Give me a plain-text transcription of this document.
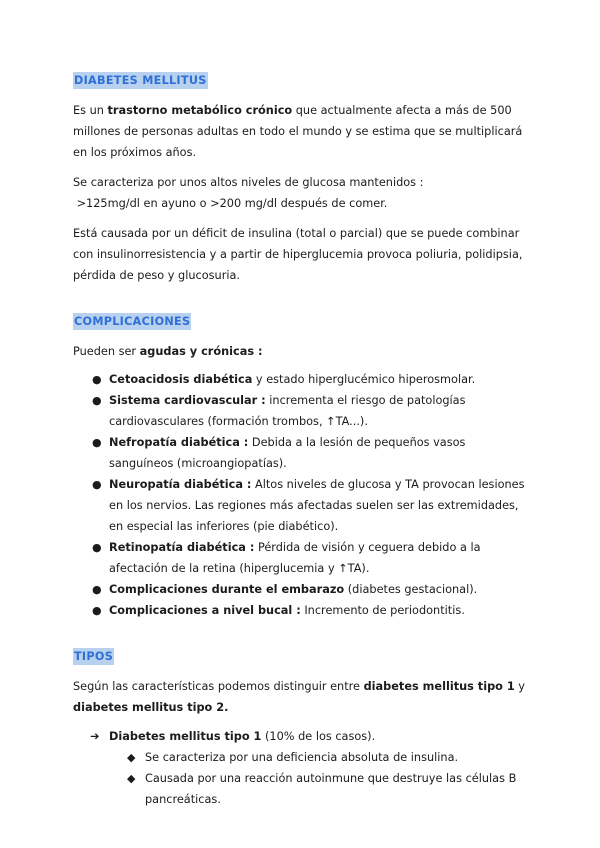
DIABETES MELLITUS

Es un trastorno metabólico crónico que actualmente afecta a más de 500 millones de personas adultas en todo el mundo y se estima que se multiplicará en los próximos años.

Se caracteriza por unos altos niveles de glucosa mantenidos :
>125mg/dl en ayuno o >200 mg/dl después de comer.

Está causada por un déficit de insulina (total o parcial) que se puede combinar con insulinorresistencia y a partir de hiperglucemia provoca poliuria, polidipsia, pérdida de peso y glucosuria.

COMPLICACIONES

Pueden ser agudas y crónicas :

● Cetoacidosis diabética y estado hiperglucémico hiperosmolar.
● Sistema cardiovascular : incrementa el riesgo de patologías cardiovasculares (formación trombos, ↑TA...).
● Nefropatía diabética : Debida a la lesión de pequeños vasos sanguíneos (microangiopatías).
● Neuropatía diabética : Altos niveles de glucosa y TA provocan lesiones en los nervios. Las regiones más afectadas suelen ser las extremidades, en especial las inferiores (pie diabético).
● Retinopatía diabética : Pérdida de visión y ceguera debido a la afectación de la retina (hiperglucemia y ↑TA).
● Complicaciones durante el embarazo (diabetes gestacional).
● Complicaciones a nivel bucal : Incremento de periodontitis.
TIPOS

Según las características podemos distinguir entre diabetes mellitus tipo 1 y diabetes mellitus tipo 2.

➔ Diabetes mellitus tipo 1 (10% de los casos).
◆ Se caracteriza por una deficiencia absoluta de insulina.
◆ Causada por una reacción autoinmune que destruye las células B pancreáticas.
